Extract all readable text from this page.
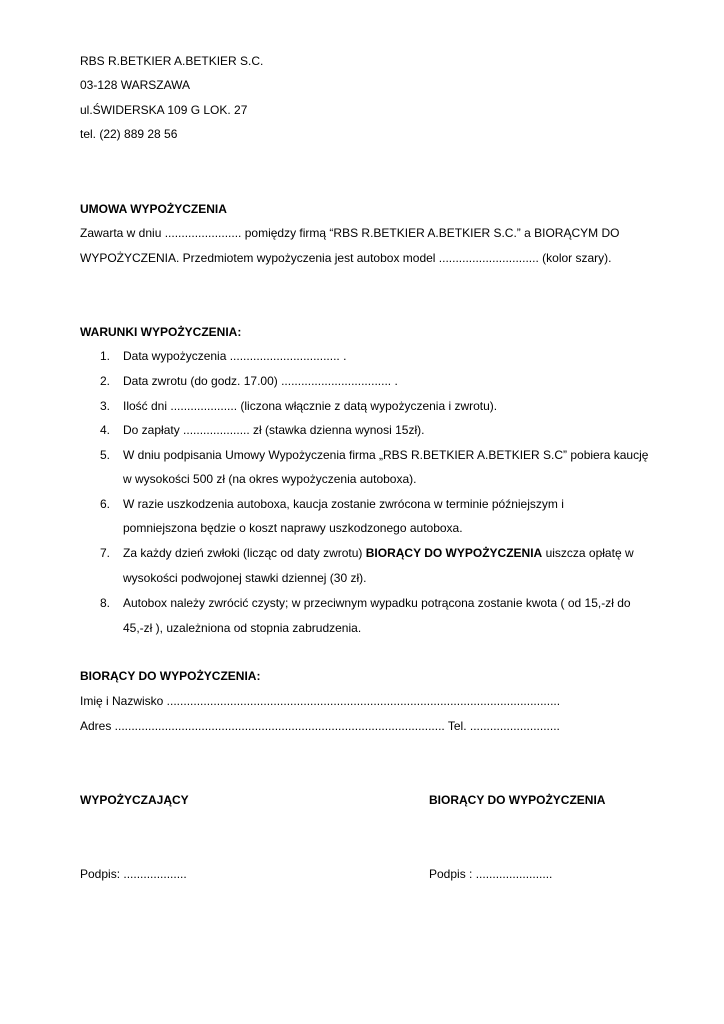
RBS R.BETKIER A.BETKIER S.C.
03-128 WARSZAWA
ul.ŚWIDERSKA 109 G LOK. 27
tel. (22) 889 28 56
UMOWA WYPOŻYCZENIA
Zawarta w dniu ....................... pomiędzy firmą “RBS R.BETKIER A.BETKIER S.C.” a BIORĄCYM DO
WYPOŻYCZENIA. Przedmiotem wypożyczenia jest autobox model .............................. (kolor szary).
WARUNKI WYPOŻYCZENIA:
1. Data wypożyczenia ................................. .
2. Data zwrotu (do godz. 17.00) ................................. .
3. Ilość dni .................... (liczona włącznie z datą wypożyczenia i zwrotu).
4. Do zapłaty .................... zł (stawka dzienna wynosi 15zł).
5. W dniu podpisania Umowy Wypożyczenia firma „RBS R.BETKIER A.BETKIER S.C” pobiera kaucję
w wysokości 500 zł (na okres wypożyczenia autoboxa).
6. W razie uszkodzenia autoboxa, kaucja zostanie zwrócona w terminie późniejszym i
pomniejszona będzie o koszt naprawy uszkodzonego autoboxa.
7. Za każdy dzień zwłoki (licząc od daty zwrotu) BIORĄCY DO WYPOŻYCZENIA uiszcza opłatę w
wysokości podwojonej stawki dziennej (30 zł).
8. Autobox należy zwrócić czysty; w przeciwnym wypadku potrącona zostanie kwota ( od 15,-zł do
45,-zł ), uzależniona od stopnia zabrudzenia.
BIORĄCY DO WYPOŻYCZENIA:
Imię i Nazwisko ......................................................................................................................
Adres ................................................................................................... Tel. ...........................
WYPOŻYCZAJĄCY	BIORĄCY DO WYPOŻYCZENIA
Podpis: ...................	Podpis : .......................
